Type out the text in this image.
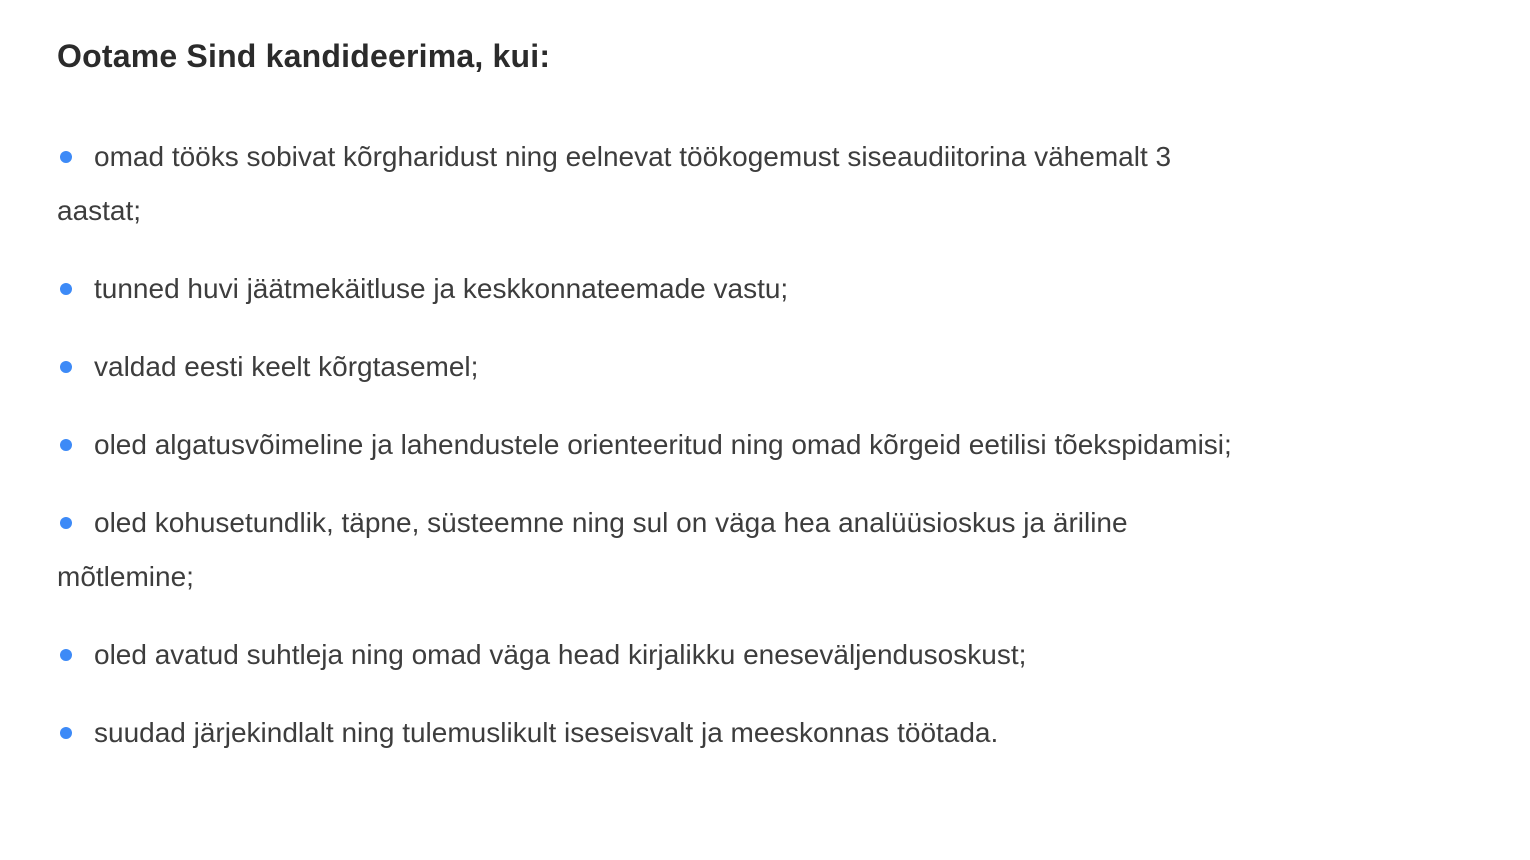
Ootame Sind kandideerima, kui:
omad tööks sobivat kõrgharidust ning eelnevat töökogemust siseaudiitorina vähemalt 3 aastat;
tunned huvi jäätmekäitluse ja keskkonnateemade vastu;
valdad eesti keelt kõrgtasemel;
oled algatusvõimeline ja lahendustele orienteeritud ning omad kõrgeid eetilisi tõekspidamisi;
oled kohusetundlik, täpne, süsteemne ning sul on väga hea analüüsioskus ja äriline mõtlemine;
oled avatud suhtleja ning omad väga head kirjalikku eneseväljendusoskust;
suudad järjekindlalt ning tulemuslikult iseseisvalt ja meeskonnas töötada.
